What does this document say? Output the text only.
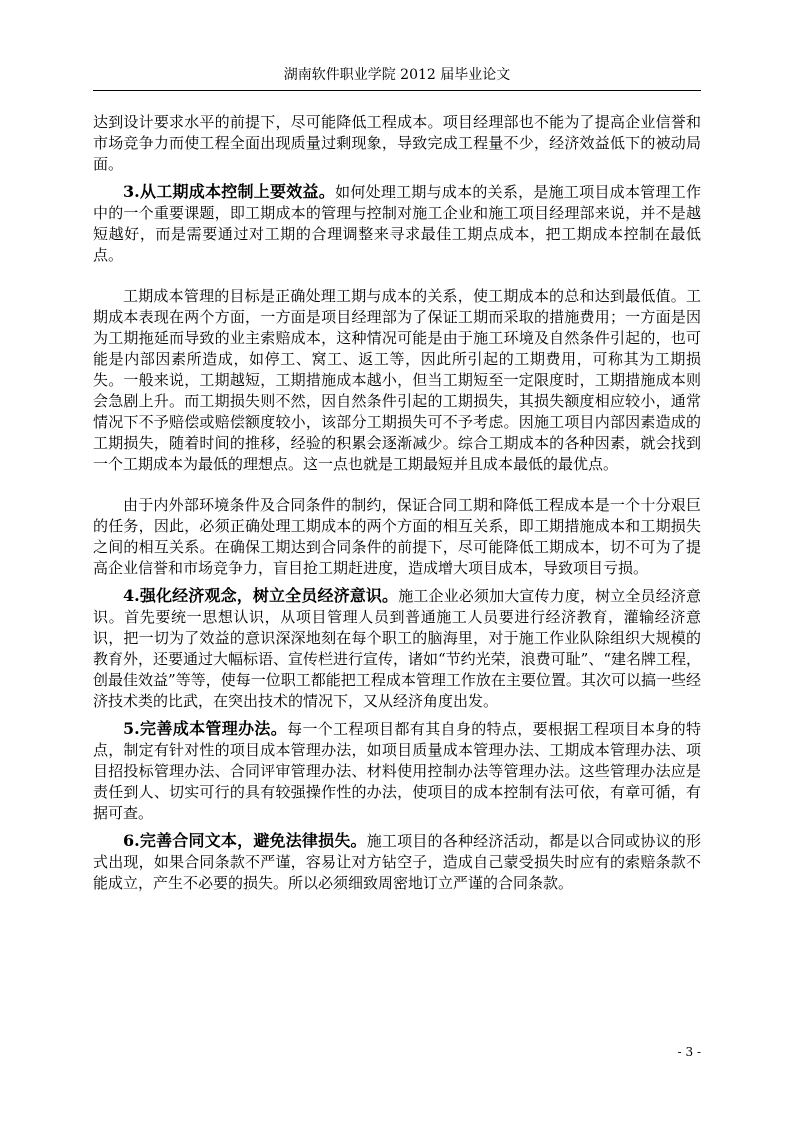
湖南软件职业学院 2012 届毕业论文

达到设计要求水平的前提下，尽可能降低工程成本。项目经理部也不能为了提高企业信誉和市场竞争力而使工程全面出现质量过剩现象，导致完成工程量不少，经济效益低下的被动局面。

3.从工期成本控制上要效益。如何处理工期与成本的关系，是施工项目成本管理工作中的一个重要课题，即工期成本的管理与控制对施工企业和施工项目经理部来说，并不是越短越好，而是需要通过对工期的合理调整来寻求最佳工期点成本，把工期成本控制在最低点。

工期成本管理的目标是正确处理工期与成本的关系，使工期成本的总和达到最低值。工期成本表现在两个方面，一方面是项目经理部为了保证工期而采取的措施费用；一方面是因为工期拖延而导致的业主索赔成本，这种情况可能是由于施工环境及自然条件引起的，也可能是内部因素所造成，如停工、窝工、返工等，因此所引起的工期费用，可称其为工期损失。一般来说，工期越短，工期措施成本越小，但当工期短至一定限度时，工期措施成本则会急剧上升。而工期损失则不然，因自然条件引起的工期损失，其损失额度相应较小，通常情况下不予赔偿或赔偿额度较小，该部分工期损失可不予考虑。因施工项目内部因素造成的工期损失，随着时间的推移，经验的积累会逐渐减少。综合工期成本的各种因素，就会找到一个工期成本为最低的理想点。这一点也就是工期最短并且成本最低的最优点。

由于内外部环境条件及合同条件的制约，保证合同工期和降低工程成本是一个十分艰巨的任务，因此，必须正确处理工期成本的两个方面的相互关系，即工期措施成本和工期损失之间的相互关系。在确保工期达到合同条件的前提下，尽可能降低工期成本，切不可为了提高企业信誉和市场竞争力，盲目抢工期赶进度，造成增大项目成本，导致项目亏损。

4.强化经济观念，树立全员经济意识。施工企业必须加大宣传力度，树立全员经济意识。首先要统一思想认识，从项目管理人员到普通施工人员要进行经济教育，灌输经济意识，把一切为了效益的意识深深地刻在每个职工的脑海里，对于施工作业队除组织大规模的教育外，还要通过大幅标语、宣传栏进行宣传，诸如“节约光荣，浪费可耻”、“建名牌工程，创最佳效益”等等，使每一位职工都能把工程成本管理工作放在主要位置。其次可以搞一些经济技术类的比武，在突出技术的情况下，又从经济角度出发。

5.完善成本管理办法。每一个工程项目都有其自身的特点，要根据工程项目本身的特点，制定有针对性的项目成本管理办法，如项目质量成本管理办法、工期成本管理办法、项目招投标管理办法、合同评审管理办法、材料使用控制办法等管理办法。这些管理办法应是责任到人、切实可行的具有较强操作性的办法，使项目的成本控制有法可依，有章可循，有据可查。

6.完善合同文本，避免法律损失。施工项目的各种经济活动，都是以合同或协议的形式出现，如果合同条款不严谨，容易让对方钻空子，造成自己蒙受损失时应有的索赔条款不能成立，产生不必要的损失。所以必须细致周密地订立严谨的合同条款。

- 3 -
